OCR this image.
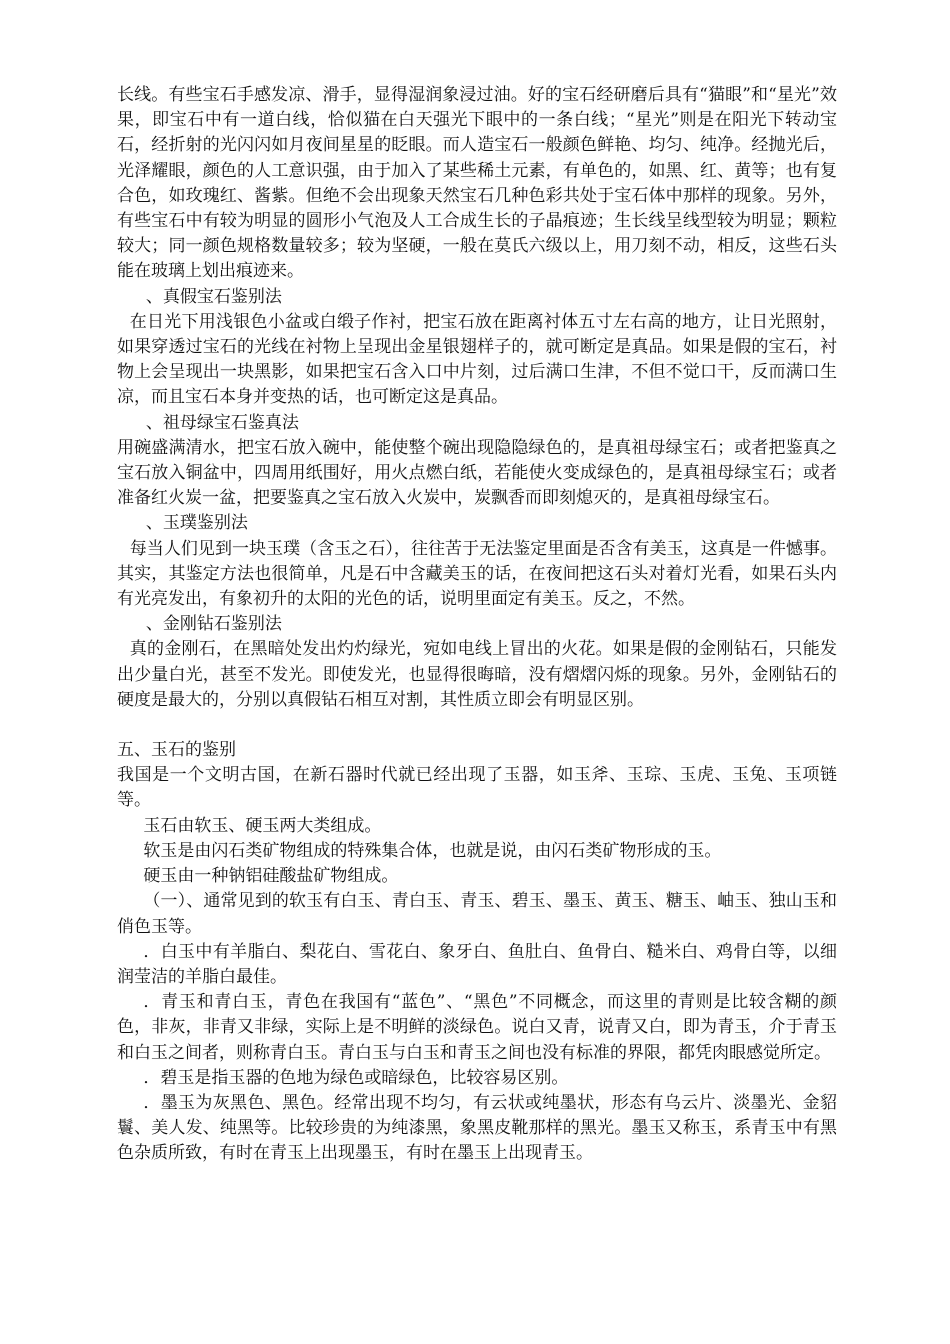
长线。有些宝石手感发凉、滑手，显得湿润象浸过油。好的宝石经研磨后具有“猫眼”和“星光”效果，即宝石中有一道白线，恰似猫在白天强光下眼中的一条白线；“星光”则是在阳光下转动宝石，经折射的光闪闪如月夜间星星的眨眼。而人造宝石一般颜色鲜艳、均匀、纯净。经抛光后，光泽耀眼，颜色的人工意识强，由于加入了某些稀土元素，有单色的，如黑、红、黄等；也有复合色，如玫瑰红、酱紫。但绝不会出现象天然宝石几种色彩共处于宝石体中那样的现象。另外，有些宝石中有较为明显的圆形小气泡及人工合成生长的子晶痕迹；生长线呈线型较为明显；颗粒较大；同一颜色规格数量较多；较为坚硬，一般在莫氏六级以上，用刀刻不动，相反，这些石头能在玻璃上划出痕迹来。

、真假宝石鉴别法

在日光下用浅银色小盆或白缎子作衬，把宝石放在距离衬体五寸左右高的地方，让日光照射，如果穿透过宝石的光线在衬物上呈现出金星银翅样子的，就可断定是真品。如果是假的宝石，衬物上会呈现出一块黑影，如果把宝石含入口中片刻，过后满口生津，不但不觉口干，反而满口生凉，而且宝石本身并变热的话，也可断定这是真品。

、祖母绿宝石鉴真法

用碗盛满清水，把宝石放入碗中，能使整个碗出现隐隐绿色的，是真祖母绿宝石；或者把鉴真之宝石放入铜盆中，四周用纸围好，用火点燃白纸，若能使火变成绿色的，是真祖母绿宝石；或者准备红火炭一盆，把要鉴真之宝石放入火炭中，炭飘香而即刻熄灭的，是真祖母绿宝石。

、玉璞鉴别法

每当人们见到一块玉璞（含玉之石），往往苦于无法鉴定里面是否含有美玉，这真是一件憾事。其实，其鉴定方法也很简单，凡是石中含藏美玉的话，在夜间把这石头对着灯光看，如果石头内有光亮发出，有象初升的太阳的光色的话，说明里面定有美玉。反之，不然。

、金刚钻石鉴别法

真的金刚石，在黑暗处发出灼灼绿光，宛如电线上冒出的火花。如果是假的金刚钻石，只能发出少量白光，甚至不发光。即使发光，也显得很晦暗，没有熠熠闪烁的现象。另外，金刚钻石的硬度是最大的，分别以真假钻石相互对割，其性质立即会有明显区别。

五、玉石的鉴别

我国是一个文明古国，在新石器时代就已经出现了玉器，如玉斧、玉琮、玉虎、玉兔、玉项链等。

玉石由软玉、硬玉两大类组成。

软玉是由闪石类矿物组成的特殊集合体，也就是说，由闪石类矿物形成的玉。

硬玉由一种钠铝硅酸盐矿物组成。

（一）、通常见到的软玉有白玉、青白玉、青玉、碧玉、墨玉、黄玉、糖玉、岫玉、独山玉和俏色玉等。

．白玉中有羊脂白、梨花白、雪花白、象牙白、鱼肚白、鱼骨白、糙米白、鸡骨白等，以细润莹洁的羊脂白最佳。

．青玉和青白玉，青色在我国有“蓝色”、“黑色”不同概念，而这里的青则是比较含糊的颜色，非灰，非青又非绿，实际上是不明鲜的淡绿色。说白又青，说青又白，即为青玉，介于青玉和白玉之间者，则称青白玉。青白玉与白玉和青玉之间也没有标准的界限，都凭肉眼感觉所定。

．碧玉是指玉器的色地为绿色或暗绿色，比较容易区别。

．墨玉为灰黑色、黑色。经常出现不均匀，有云状或纯墨状，形态有乌云片、淡墨光、金貂鬟、美人发、纯黑等。比较珍贵的为纯漆黑，象黑皮靴那样的黑光。墨玉又称玉，系青玉中有黑色杂质所致，有时在青玉上出现墨玉，有时在墨玉上出现青玉。
